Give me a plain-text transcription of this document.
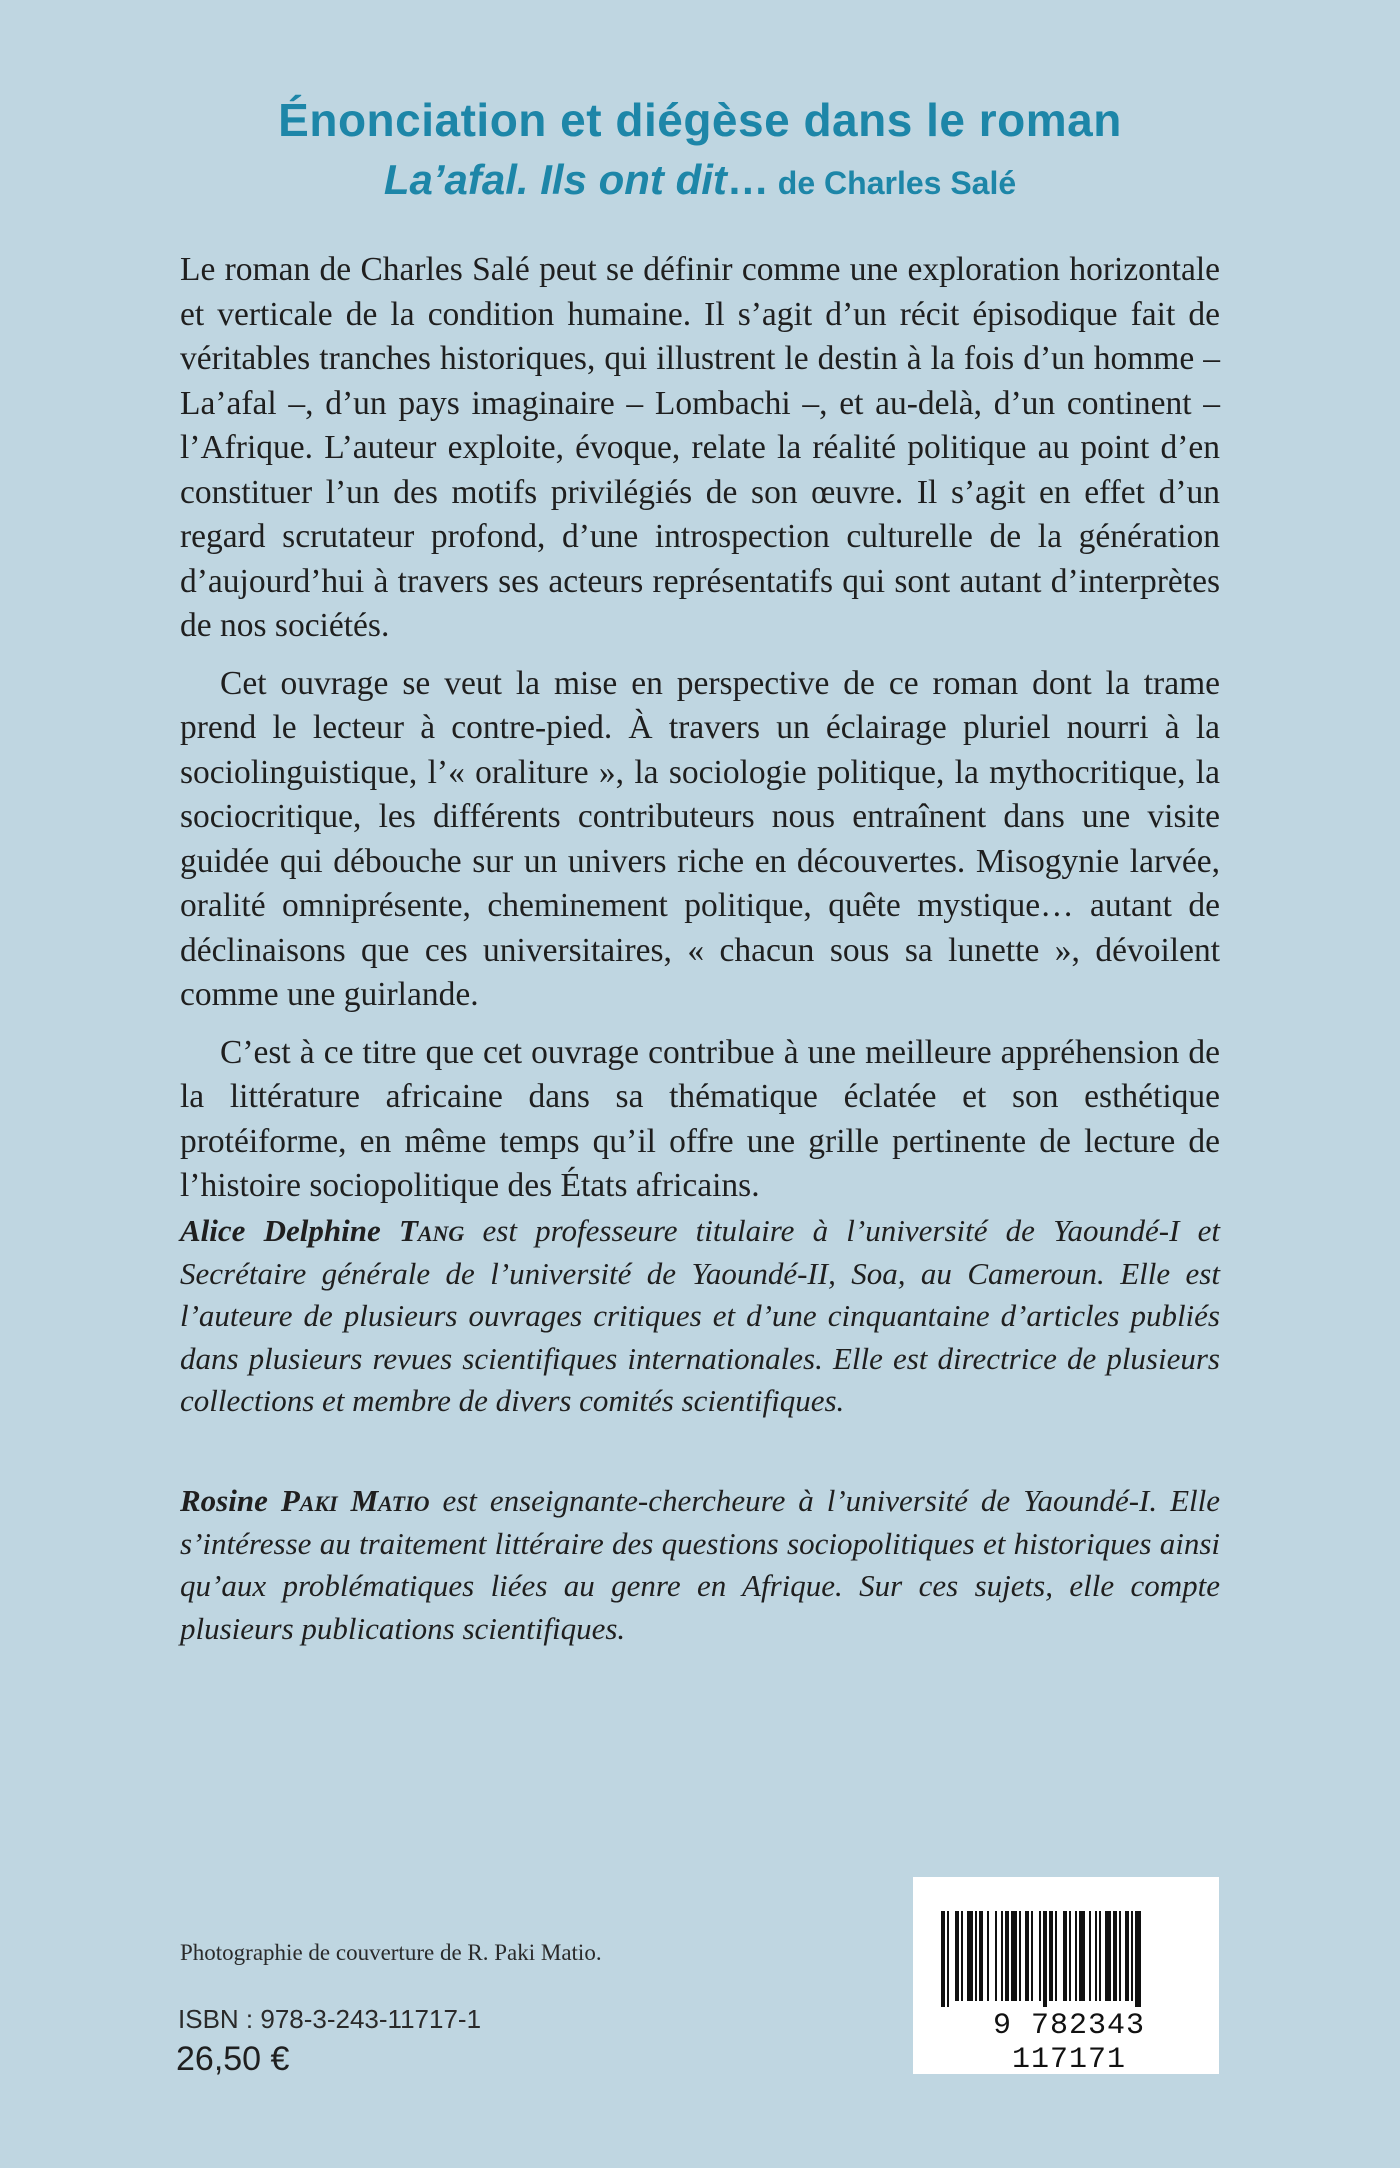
Énonciation et diégèse dans le roman
La’afal. Ils ont dit… de Charles Salé

Le roman de Charles Salé peut se définir comme une exploration horizontale et verticale de la condition humaine. Il s’agit d’un récit épisodique fait de véritables tranches historiques, qui illustrent le destin à la fois d’un homme – La’afal –, d’un pays imaginaire – Lombachi –, et au-delà, d’un continent – l’Afrique. L’auteur exploite, évoque, relate la réalité politique au point d’en constituer l’un des motifs privilégiés de son œuvre. Il s’agit en effet d’un regard scrutateur profond, d’une introspection culturelle de la génération d’aujourd’hui à travers ses acteurs représentatifs qui sont autant d’interprètes de nos sociétés.

Cet ouvrage se veut la mise en perspective de ce roman dont la trame prend le lecteur à contre-pied. À travers un éclairage pluriel nourri à la sociolinguistique, l’« oraliture », la sociologie politique, la mythocritique, la sociocritique, les différents contributeurs nous entraînent dans une visite guidée qui débouche sur un univers riche en découvertes. Misogynie larvée, oralité omniprésente, cheminement politique, quête mystique… autant de déclinaisons que ces universitaires, « chacun sous sa lunette », dévoilent comme une guirlande.

C’est à ce titre que cet ouvrage contribue à une meilleure appréhension de la littérature africaine dans sa thématique éclatée et son esthétique protéiforme, en même temps qu’il offre une grille pertinente de lecture de l’histoire sociopolitique des États africains.

Alice Delphine Tang est professeure titulaire à l’université de Yaoundé-I et Secrétaire générale de l’université de Yaoundé-II, Soa, au Cameroun. Elle est l’auteure de plusieurs ouvrages critiques et d’une cinquantaine d’articles publiés dans plusieurs revues scientifiques internationales. Elle est directrice de plusieurs collections et membre de divers comités scientifiques.
Rosine Paki Matio est enseignante-chercheure à l’université de Yaoundé-I. Elle s’intéresse au traitement littéraire des questions sociopolitiques et historiques ainsi qu’aux problématiques liées au genre en Afrique. Sur ces sujets, elle compte plusieurs publications scientifiques.
Photographie de couverture de R. Paki Matio.
ISBN : 978-3-243-11717-1
26,50 €
9 782343 117171
